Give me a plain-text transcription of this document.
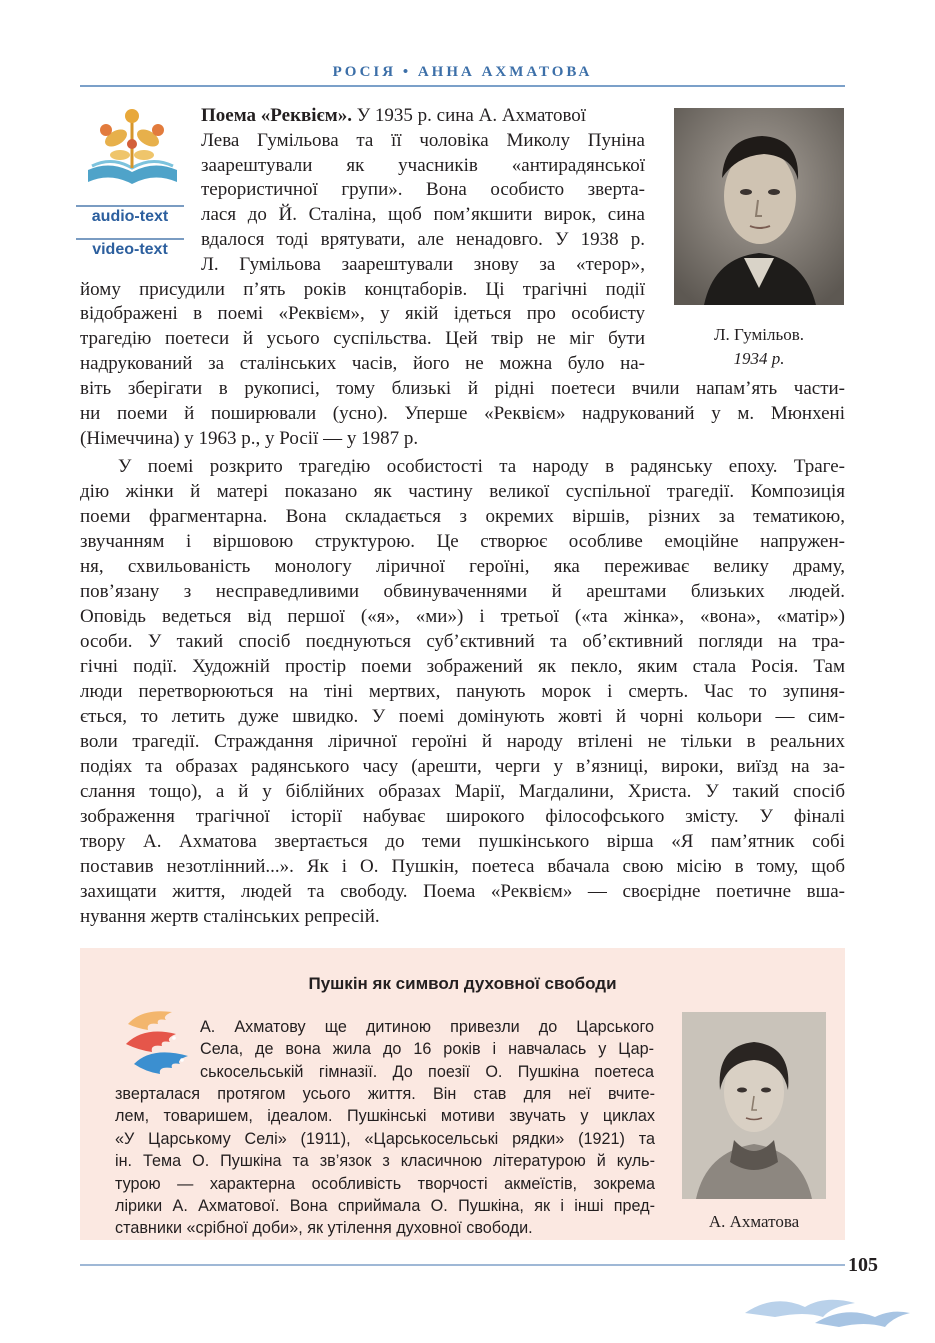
РОСІЯ • АННА АХМАТОВА
audio-text
video-text
Л. Гумільов.
1934 р.
Поема «Реквієм». У 1935 р. сина А. Ахматової
Лева Гумільова та її чоловіка Миколу Пуніна
заарештували як учасників «антирадянської
терористичної групи». Вона особисто зверта-
лася до Й. Сталіна, щоб пом’якшити вирок, сина
вдалося тоді врятувати, але ненадовго. У 1938 р.
Л. Гумільова заарештували знову за «терор»,
йому присудили п’ять років концтаборів. Ці трагічні події
відображені в поемі «Реквієм», у якій ідеться про особисту
трагедію поетеси й усього суспільства. Цей твір не міг бути
надрукований за сталінських часів, його не можна було на-
віть зберігати в рукописі, тому близькі й рідні поетеси вчили напам’ять части-
ни поеми й поширювали (усно). Уперше «Реквієм» надрукований у м. Мюнхені
(Німеччина) у 1963 р., у Росії — у 1987 р.
У поемі розкрито трагедію особистості та народу в радянську епоху. Траге-
дію жінки й матері показано як частину великої суспільної трагедії. Композиція
поеми фрагментарна. Вона складається з окремих віршів, різних за тематикою,
звучанням і віршовою структурою. Це створює особливе емоційне напружен-
ня, схвильованість монологу ліричної героїні, яка переживає велику драму,
пов’язану з несправедливими обвинуваченнями й арештами близьких людей.
Оповідь ведеться від першої («я», «ми») і третьої («та жінка», «вона», «матір»)
особи. У такий спосіб поєднуються суб’єктивний та об’єктивний погляди на тра-
гічні події. Художній простір поеми зображений як пекло, яким стала Росія. Там
люди перетворюються на тіні мертвих, панують морок і смерть. Час то зупиня-
ється, то летить дуже швидко. У поемі домінують жовті й чорні кольори — сим-
воли трагедії. Страждання ліричної героїні й народу втілені не тільки в реальних
подіях та образах радянського часу (арешти, черги у в’язниці, вироки, виїзд на за-
слання тощо), а й у біблійних образах Марії, Магдалини, Христа. У такий спосіб
зображення трагічної історії набуває широкого філософського змісту. У фіналі
твору А. Ахматова звертається до теми пушкінського вірша «Я пам’ятник собі
поставив незотлінний...». Як і О. Пушкін, поетеса вбачала свою місію в тому, щоб
захищати життя, людей та свободу. Поема «Реквієм» — своєрідне поетичне вша-
нування жертв сталінських репресій.
Пушкін як символ духовної свободи
А. Ахматову ще дитиною привезли до Царського
Села, де вона жила до 16 років і навчалась у Цар-
ськосельській гімназії. До поезії О. Пушкіна поетеса
зверталася протягом усього життя. Він став для неї вчите-
лем, товаришем, ідеалом. Пушкінські мотиви звучать у циклах
«У Царському Селі» (1911), «Царськосельські рядки» (1921) та
ін. Тема О. Пушкіна та зв’язок з класичною літературою й куль-
турою — характерна особливість творчості акмеїстів, зокрема
лірики А. Ахматової. Вона сприймала О. Пушкіна, як і інші пред-
ставники «срібної доби», як утілення духовної свободи.	А. Ахматова
105
